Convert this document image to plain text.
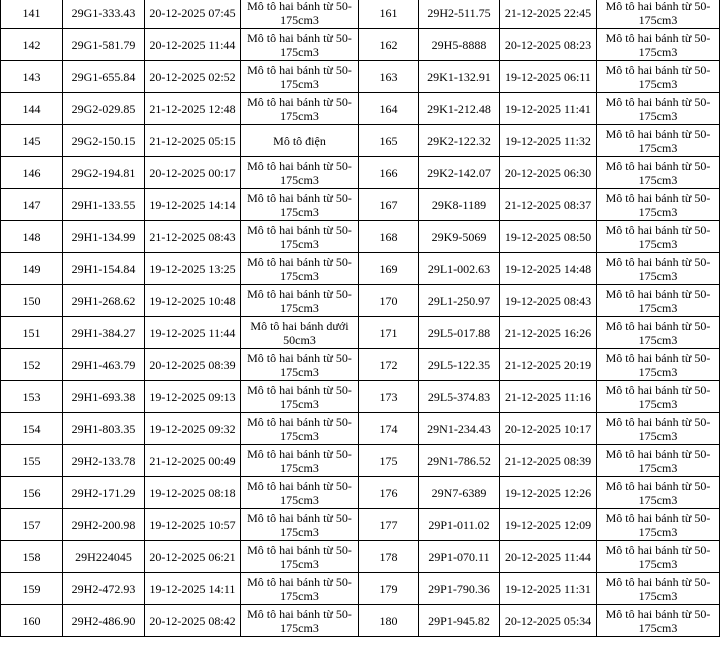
141	29G1-333.43	20-12-2025 07:45	Mô tô hai bánh từ 50-175cm3	161	29H2-511.75	21-12-2025 22:45	Mô tô hai bánh từ 50-175cm3
142	29G1-581.79	20-12-2025 11:44	Mô tô hai bánh từ 50-175cm3	162	29H5-8888	20-12-2025 08:23	Mô tô hai bánh từ 50-175cm3
143	29G1-655.84	20-12-2025 02:52	Mô tô hai bánh từ 50-175cm3	163	29K1-132.91	19-12-2025 06:11	Mô tô hai bánh từ 50-175cm3
144	29G2-029.85	21-12-2025 12:48	Mô tô hai bánh từ 50-175cm3	164	29K1-212.48	19-12-2025 11:41	Mô tô hai bánh từ 50-175cm3
145	29G2-150.15	21-12-2025 05:15	Mô tô điện	165	29K2-122.32	19-12-2025 11:32	Mô tô hai bánh từ 50-175cm3
146	29G2-194.81	20-12-2025 00:17	Mô tô hai bánh từ 50-175cm3	166	29K2-142.07	20-12-2025 06:30	Mô tô hai bánh từ 50-175cm3
147	29H1-133.55	19-12-2025 14:14	Mô tô hai bánh từ 50-175cm3	167	29K8-1189	21-12-2025 08:37	Mô tô hai bánh từ 50-175cm3
148	29H1-134.99	21-12-2025 08:43	Mô tô hai bánh từ 50-175cm3	168	29K9-5069	19-12-2025 08:50	Mô tô hai bánh từ 50-175cm3
149	29H1-154.84	19-12-2025 13:25	Mô tô hai bánh từ 50-175cm3	169	29L1-002.63	19-12-2025 14:48	Mô tô hai bánh từ 50-175cm3
150	29H1-268.62	19-12-2025 10:48	Mô tô hai bánh từ 50-175cm3	170	29L1-250.97	19-12-2025 08:43	Mô tô hai bánh từ 50-175cm3
151	29H1-384.27	19-12-2025 11:44	Mô tô hai bánh dưới 50cm3	171	29L5-017.88	21-12-2025 16:26	Mô tô hai bánh từ 50-175cm3
152	29H1-463.79	20-12-2025 08:39	Mô tô hai bánh từ 50-175cm3	172	29L5-122.35	21-12-2025 20:19	Mô tô hai bánh từ 50-175cm3
153	29H1-693.38	19-12-2025 09:13	Mô tô hai bánh từ 50-175cm3	173	29L5-374.83	21-12-2025 11:16	Mô tô hai bánh từ 50-175cm3
154	29H1-803.35	19-12-2025 09:32	Mô tô hai bánh từ 50-175cm3	174	29N1-234.43	20-12-2025 10:17	Mô tô hai bánh từ 50-175cm3
155	29H2-133.78	21-12-2025 00:49	Mô tô hai bánh từ 50-175cm3	175	29N1-786.52	21-12-2025 08:39	Mô tô hai bánh từ 50-175cm3
156	29H2-171.29	19-12-2025 08:18	Mô tô hai bánh từ 50-175cm3	176	29N7-6389	19-12-2025 12:26	Mô tô hai bánh từ 50-175cm3
157	29H2-200.98	19-12-2025 10:57	Mô tô hai bánh từ 50-175cm3	177	29P1-011.02	19-12-2025 12:09	Mô tô hai bánh từ 50-175cm3
158	29H224045	20-12-2025 06:21	Mô tô hai bánh từ 50-175cm3	178	29P1-070.11	20-12-2025 11:44	Mô tô hai bánh từ 50-175cm3
159	29H2-472.93	19-12-2025 14:11	Mô tô hai bánh từ 50-175cm3	179	29P1-790.36	19-12-2025 11:31	Mô tô hai bánh từ 50-175cm3
160	29H2-486.90	20-12-2025 08:42	Mô tô hai bánh từ 50-175cm3	180	29P1-945.82	20-12-2025 05:34	Mô tô hai bánh từ 50-175cm3
